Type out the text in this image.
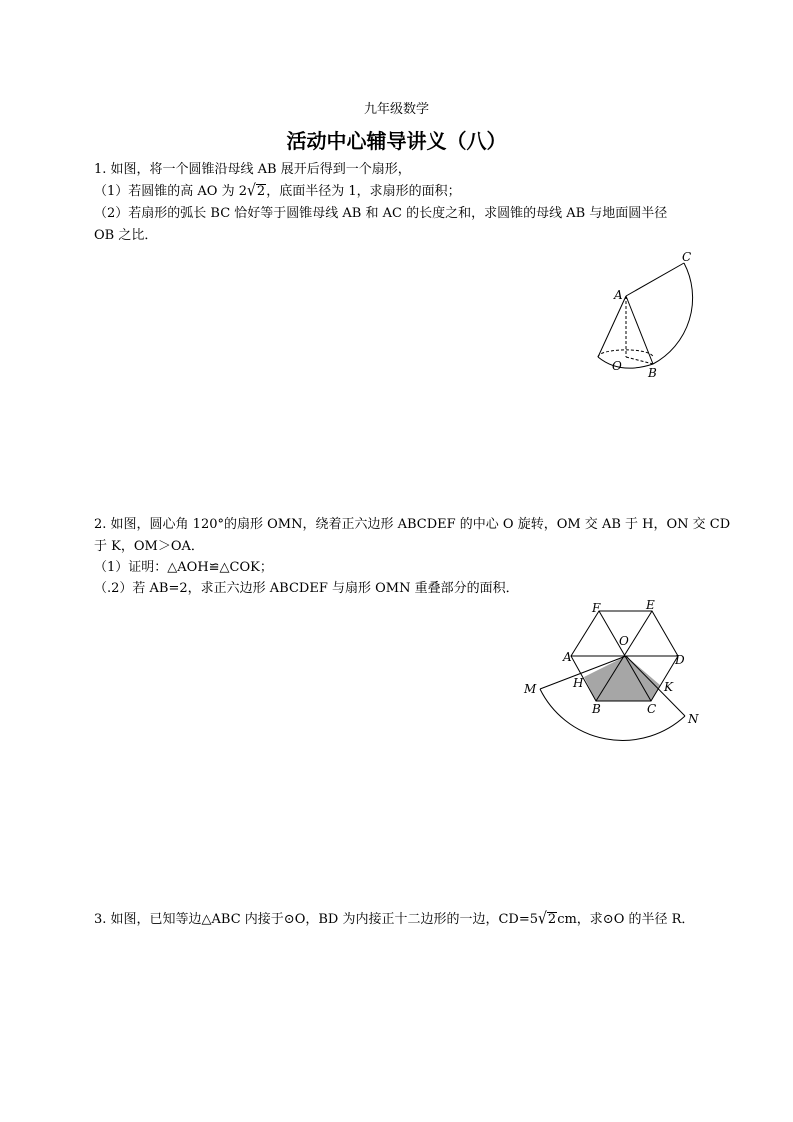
九年级数学
活动中心辅导讲义（八）
1. 如图，将一个圆锥沿母线 AB 展开后得到一个扇形，
（1）若圆锥的高 AO 为 2√2，底面半径为 1，求扇形的面积；
（2）若扇形的弧长 BC 恰好等于圆锥母线 AB 和 AC 的长度之和，求圆锥的母线 AB 与地面圆半径
OB 之比．
A
C
O B
2. 如图，圆心角 120°的扇形 OMN，绕着正六边形 ABCDEF 的中心 O 旋转，OM 交 AB 于 H，ON 交 CD
于 K，OM＞OA．
（1）证明：△AOH≌△COK；
（.2）若 AB=2，求正六边形 ABCDEF 与扇形 OMN 重叠部分的面积．
F	E
O
A	D
M	H	K
B	C
N
3. 如图，已知等边△ABC 内接于⊙O，BD 为内接正十二边形的一边，CD=5√2cm，求⊙O 的半径 R．
